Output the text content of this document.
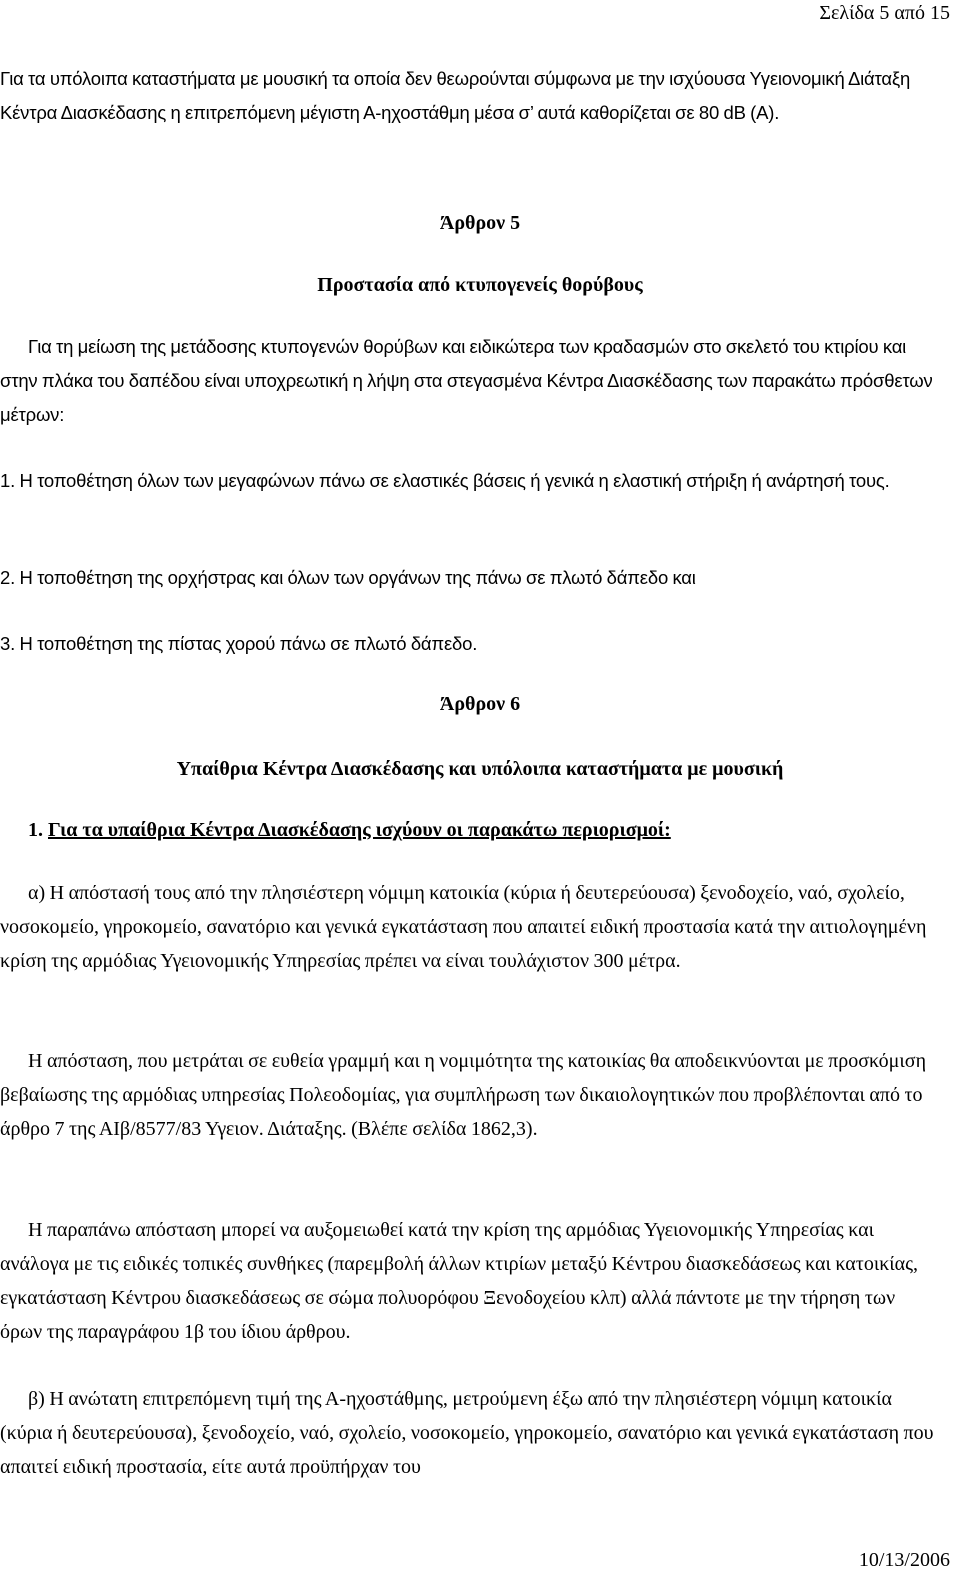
Σελίδα 5 από 15

Για τα υπόλοιπα καταστήματα με μουσική τα οποία δεν θεωρούνται σύμφωνα με την ισχύουσα Υγειονομική Διάταξη Κέντρα Διασκέδασης η επιτρεπόμενη μέγιστη Α-ηχοστάθμη μέσα σ’ αυτά καθορίζεται σε 80 dB (A).

Άρθρον 5

Προστασία από κτυπογενείς θορύβους

Για τη μείωση της μετάδοσης κτυπογενών θορύβων και ειδικώτερα των κραδασμών στο σκελετό του κτιρίου και στην πλάκα του δαπέδου είναι υποχρεωτική η λήψη στα στεγασμένα Κέντρα Διασκέδασης των παρακάτω πρόσθετων μέτρων:

1. Η τοποθέτηση όλων των μεγαφώνων πάνω σε ελαστικές βάσεις ή γενικά η ελαστική στήριξη ή ανάρτησή τους.

2. Η τοποθέτηση της ορχήστρας και όλων των οργάνων της πάνω σε πλωτό δάπεδο και

3. Η τοποθέτηση της πίστας χορού πάνω σε πλωτό δάπεδο.

Άρθρον 6

Υπαίθρια Κέντρα Διασκέδασης και υπόλοιπα καταστήματα με μουσική

1. Για τα υπαίθρια Κέντρα Διασκέδασης ισχύουν οι παρακάτω περιορισμοί:

α) Η απόστασή τους από την πλησιέστερη νόμιμη κατοικία (κύρια ή δευτερεύουσα) ξενοδοχείο, ναό, σχολείο, νοσοκομείο, γηροκομείο, σανατόριο και γενικά εγκατάσταση που απαιτεί ειδική προστασία κατά την αιτιολογημένη κρίση της αρμόδιας Υγειονομικής Υπηρεσίας πρέπει να είναι τουλάχιστον 300 μέτρα.

Η απόσταση, που μετράται σε ευθεία γραμμή και η νομιμότητα της κατοικίας θα αποδεικνύονται με προσκόμιση βεβαίωσης της αρμόδιας υπηρεσίας Πολεοδομίας, για συμπλήρωση των δικαιολογητικών που προβλέπονται από το άρθρο 7 της ΑΙβ/8577/83 Υγειον. Διάταξης. (Βλέπε σελίδα 1862,3).

Η παραπάνω απόσταση μπορεί να αυξομειωθεί κατά την κρίση της αρμόδιας Υγειονομικής Υπηρεσίας και ανάλογα με τις ειδικές τοπικές συνθήκες (παρεμβολή άλλων κτιρίων μεταξύ Κέντρου διασκεδάσεως και κατοικίας, εγκατάσταση Κέντρου διασκεδάσεως σε σώμα πολυορόφου Ξενοδοχείου κλπ) αλλά πάντοτε με την τήρηση των όρων της παραγράφου 1β του ίδιου άρθρου.

β) Η ανώτατη επιτρεπόμενη τιμή της Α-ηχοστάθμης, μετρούμενη έξω από την πλησιέστερη νόμιμη κατοικία (κύρια ή δευτερεύουσα), ξενοδοχείο, ναό, σχολείο, νοσοκομείο, γηροκομείο, σανατόριο και γενικά εγκατάσταση που απαιτεί ειδική προστασία, είτε αυτά προϋπήρχαν του

10/13/2006
